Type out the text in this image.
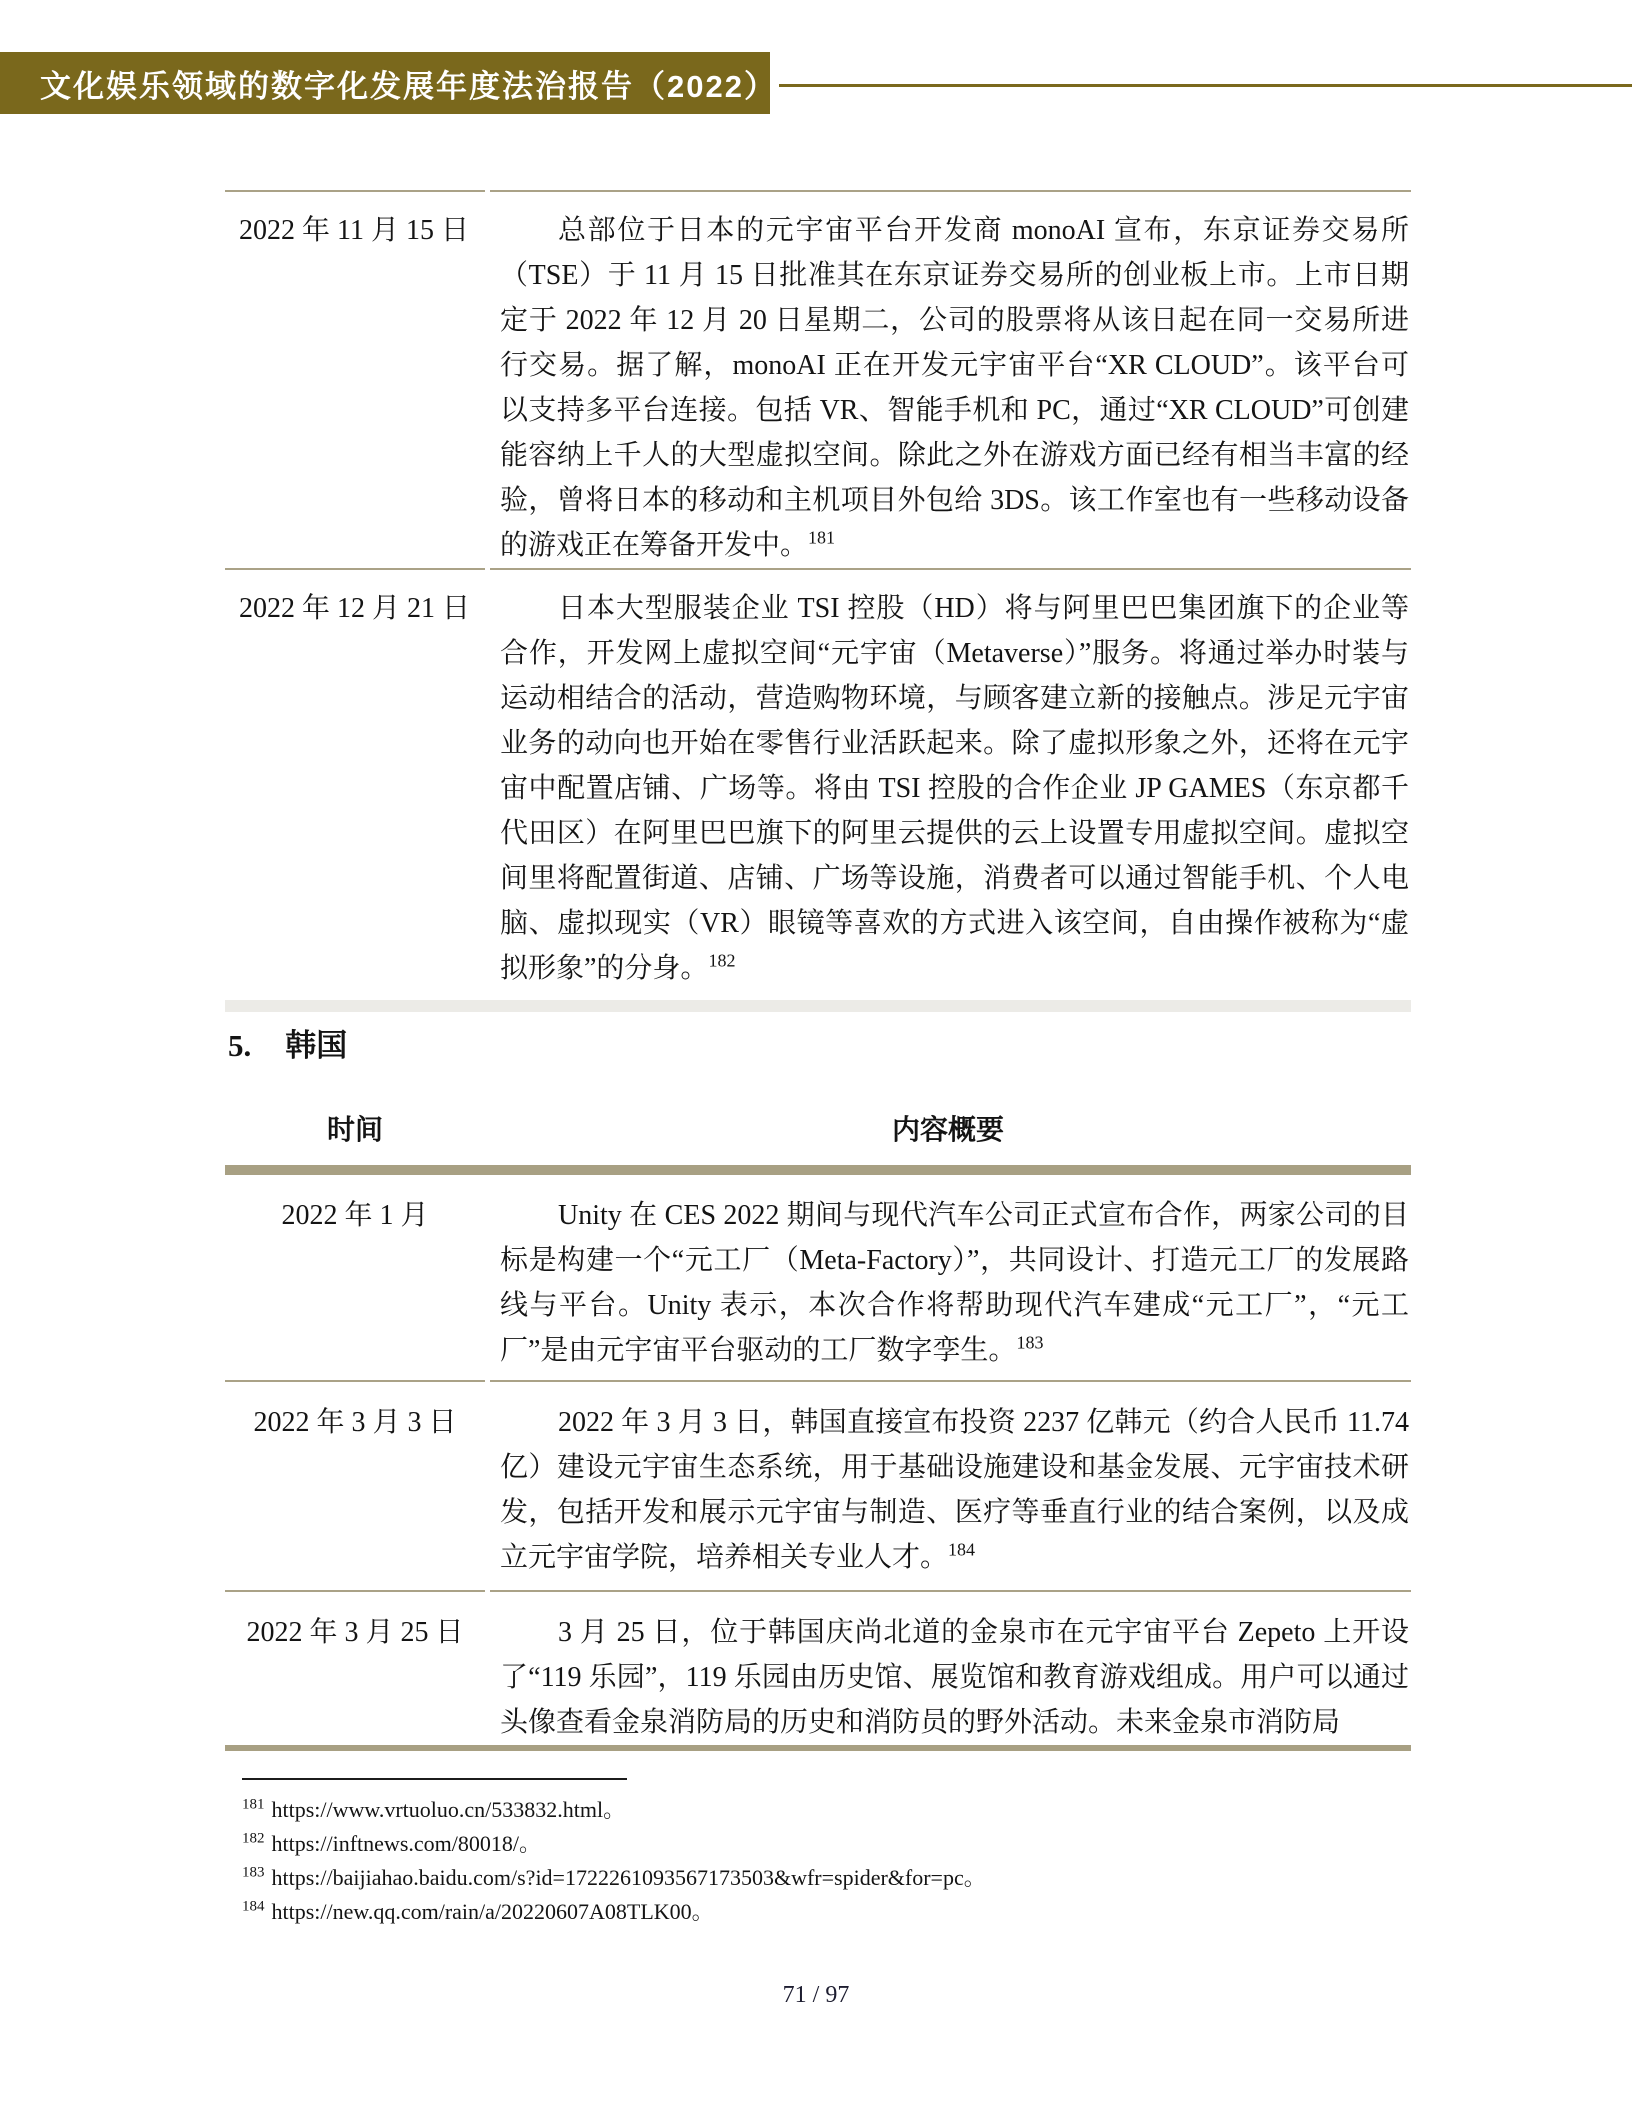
文化娱乐领域的数字化发展年度法治报告（2022）
2022 年 11 月 15 日	总部位于日本的元宇宙平台开发商 monoAI 宣布，东京证券交易所（TSE）于 11 月 15 日批准其在东京证券交易所的创业板上市。上市日期定于 2022 年 12 月 20 日星期二，公司的股票将从该日起在同一交易所进行交易。据了解，monoAI 正在开发元宇宙平台“XR CLOUD”。该平台可以支持多平台连接。包括 VR、智能手机和 PC，通过“XR CLOUD”可创建能容纳上千人的大型虚拟空间。除此之外在游戏方面已经有相当丰富的经验，曾将日本的移动和主机项目外包给 3DS。该工作室也有一些移动设备的游戏正在筹备开发中。$^{181}$
2022 年 12 月 21 日	日本大型服装企业 TSI 控股（HD）将与阿里巴巴集团旗下的企业等合作，开发网上虚拟空间“元宇宙（Metaverse）”服务。将通过举办时装与运动相结合的活动，营造购物环境，与顾客建立新的接触点。涉足元宇宙业务的动向也开始在零售行业活跃起来。除了虚拟形象之外，还将在元宇宙中配置店铺、广场等。将由 TSI 控股的合作企业 JP GAMES（东京都千代田区）在阿里巴巴旗下的阿里云提供的云上设置专用虚拟空间。虚拟空间里将配置街道、店铺、广场等设施，消费者可以通过智能手机、个人电脑、虚拟现实（VR）眼镜等喜欢的方式进入该空间，自由操作被称为“虚拟形象”的分身。$^{182}$
5. 韩国
时间	内容概要
2022 年 1 月	Unity 在 CES 2022 期间与现代汽车公司正式宣布合作，两家公司的目标是构建一个“元工厂（Meta-Factory）”，共同设计、打造元工厂的发展路线与平台。Unity 表示，本次合作将帮助现代汽车建成“元工厂”，“元工厂”是由元宇宙平台驱动的工厂数字孪生。$^{183}$
2022 年 3 月 3 日	2022 年 3 月 3 日，韩国直接宣布投资 2237 亿韩元（约合人民币 11.74 亿）建设元宇宙生态系统，用于基础设施建设和基金发展、元宇宙技术研发，包括开发和展示元宇宙与制造、医疗等垂直行业的结合案例，以及成立元宇宙学院，培养相关专业人才。$^{184}$
2022 年 3 月 25 日	3 月 25 日，位于韩国庆尚北道的金泉市在元宇宙平台 Zepeto 上开设了“119 乐园”，119 乐园由历史馆、展览馆和教育游戏组成。用户可以通过头像查看金泉消防局的历史和消防员的野外活动。未来金泉市消防局
$^{181}$ https://www.vrtuoluo.cn/533832.html。
$^{182}$ https://inftnews.com/80018/。
$^{183}$ https://baijiahao.baidu.com/s?id=1722261093567173503&wfr=spider&for=pc。
$^{184}$ https://new.qq.com/rain/a/20220607A08TLK00。
71 / 97
